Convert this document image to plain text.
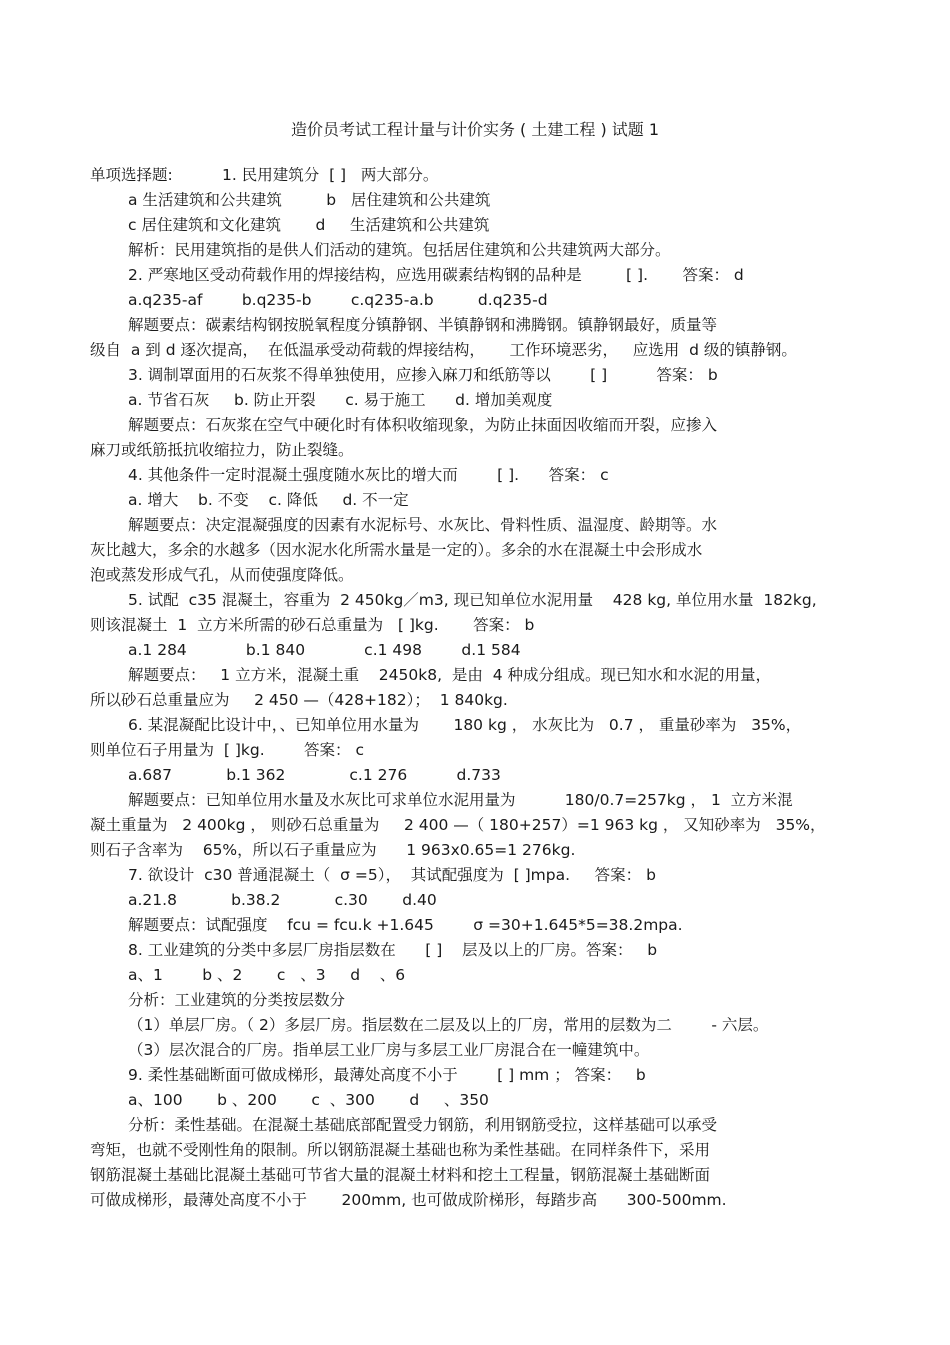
造价员考试工程计量与计价实务 ( 土建工程 ) 试题 1
单项选择题:          1. 民用建筑分  [ ]   两大部分。
a 生活建筑和公共建筑         b   居住建筑和公共建筑
c 居住建筑和文化建筑       d     生活建筑和公共建筑
解析：民用建筑指的是供人们活动的建筑。包括居住建筑和公共建筑两大部分。
2. 严寒地区受动荷载作用的焊接结构，应选用碳素结构钢的品种是         [ ].       答案： d
a.q235-af        b.q235-b        c.q235-a.b         d.q235-d
解题要点：碳素结构钢按脱氧程度分镇静钢、半镇静钢和沸腾钢。镇静钢最好，质量等
级自  a 到 d 逐次提高，  在低温承受动荷载的焊接结构，     工作环境恶劣，   应选用  d 级的镇静钢。
3. 调制罩面用的石灰浆不得单独使用，应掺入麻刀和纸筋等以        [ ]          答案： b
a. 节省石灰     b. 防止开裂      c. 易于施工      d. 增加美观度
解题要点：石灰浆在空气中硬化时有体积收缩现象，为防止抹面因收缩而开裂，应掺入
麻刀或纸筋抵抗收缩拉力，防止裂缝。
4. 其他条件一定时混凝土强度随水灰比的增大而        [ ].      答案： c
a. 增大    b. 不变    c. 降低     d. 不一定
解题要点：决定混凝强度的因素有水泥标号、水灰比、骨料性质、温湿度、龄期等。水
灰比越大，多余的水越多（因水泥水化所需水量是一定的）。多余的水在混凝土中会形成水
泡或蒸发形成气孔，从而使强度降低。
5. 试配  c35 混凝土，容重为  2 450kg／m3, 现已知单位水泥用量    428 kg, 单位用水量  182kg,
则该混凝土  1  立方米所需的砂石总重量为   [ ]kg.       答案： b
a.1 284            b.1 840            c.1 498        d.1 584
解题要点：   1 立方米，混凝土重    2450k8,  是由  4 种成分组成。现已知水和水泥的用量，
所以砂石总重量应为     2 450 —（428+182）；  1 840kg.
6. 某混凝配比设计中，、已知单位用水量为       180 kg ， 水灰比为   0.7 ， 重量砂率为   35%，
则单位石子用量为  [ ]kg.        答案： c
a.687           b.1 362             c.1 276          d.733
解题要点：已知单位用水量及水灰比可求单位水泥用量为          180/0.7=257kg ， 1  立方米混
凝土重量为   2 400kg ， 则砂石总重量为     2 400 —（ 180+257）=1 963 kg ， 又知砂率为   35%，
则石子含率为    65%，所以石子重量应为      1 963x0.65=1 276kg.
7. 欲设计  c30 普通混凝土（  σ =5），  其试配强度为  [ ]mpa.     答案： b
a.21.8           b.38.2           c.30       d.40
解题要点：试配强度    fcu = fcu.k +1.645        σ =30+1.645*5=38.2mpa.
8. 工业建筑的分类中多层厂房指层数在      [ ]    层及以上的厂房。答案：   b
a、1        b 、2       c   、3     d    、6
分析：工业建筑的分类按层数分
（1）单层厂房。（ 2）多层厂房。指层数在二层及以上的厂房，常用的层数为二        - 六层。
（3）层次混合的厂房。指单层工业厂房与多层工业厂房混合在一幢建筑中。
9. 柔性基础断面可做成梯形，最薄处高度不小于        [ ] mm ； 答案：   b
a、100       b 、200       c  、300       d     、350
分析：柔性基础。在混凝土基础底部配置受力钢筋，利用钢筋受拉，这样基础可以承受
弯矩，也就不受刚性角的限制。所以钢筋混凝土基础也称为柔性基础。在同样条件下，采用
钢筋混凝土基础比混凝土基础可节省大量的混凝土材料和挖土工程量，钢筋混凝土基础断面
可做成梯形，最薄处高度不小于       200mm, 也可做成阶梯形，每踏步高      300-500mm.
